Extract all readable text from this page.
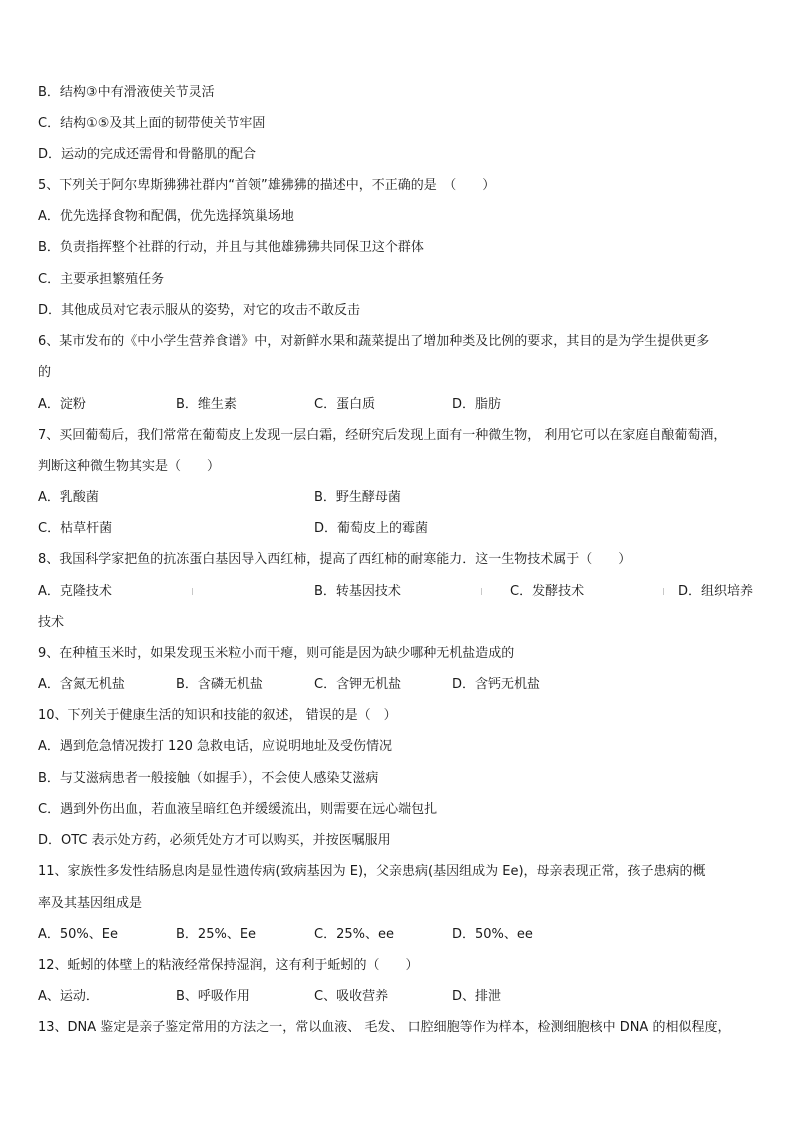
B．结构③中有滑液使关节灵活
C．结构①⑤及其上面的韧带使关节牢固
D．运动的完成还需骨和骨骼肌的配合
5、下列关于阿尔卑斯狒狒社群内“首领”雄狒狒的描述中，不正确的是　（　　）
A．优先选择食物和配偶，优先选择筑巢场地
B．负责指挥整个社群的行动，并且与其他雄狒狒共同保卫这个群体
C．主要承担繁殖任务
D．其他成员对它表示服从的姿势，对它的攻击不敢反击
6、某市发布的《中小学生营养食谱》中，对新鲜水果和蔬菜提出了增加种类及比例的要求，其目的是为学生提供更多
的
A．淀粉	B．维生素	C．蛋白质	D．脂肪
7、买回葡萄后，我们常常在葡萄皮上发现一层白霜，经研究后发现上面有一种微生物， 利用它可以在家庭自酿葡萄酒，
判断这种微生物其实是（　　）
A．乳酸菌	B．野生酵母菌
C．枯草杆菌	D．葡萄皮上的霉菌
8、我国科学家把鱼的抗冻蛋白基因导入西红柿，提高了西红柿的耐寒能力．这一生物技术属于（　　）
A．克隆技术	B．转基因技术	C．发酵技术	D．组织培养
技术
9、在种植玉米时，如果发现玉米粒小而干瘪，则可能是因为缺少哪种无机盐造成的
A．含氮无机盐	B．含磷无机盐	C．含钾无机盐	D．含钙无机盐
10、下列关于健康生活的知识和技能的叙述， 错误的是（　）
A．遇到危急情况拨打 120 急救电话，应说明地址及受伤情况
B．与艾滋病患者一般接触（如握手），不会使人感染艾滋病
C．遇到外伤出血，若血液呈暗红色并缓缓流出，则需要在远心端包扎
D．OTC 表示处方药，必须凭处方才可以购买，并按医嘱服用
11、家族性多发性结肠息肉是显性遗传病(致病基因为 E)，父亲患病(基因组成为 Ee)，母亲表现正常，孩子患病的概
率及其基因组成是
A．50%、Ee	B．25%、Ee	C．25%、ee	D．50%、ee
12、蚯蚓的体壁上的粘液经常保持湿润，这有利于蚯蚓的（　　）
A、运动．	B、呼吸作用	C、吸收营养	D、排泄
13、DNA 鉴定是亲子鉴定常用的方法之一，常以血液、 毛发、 口腔细胞等作为样本，检测细胞核中 DNA 的相似程度，
